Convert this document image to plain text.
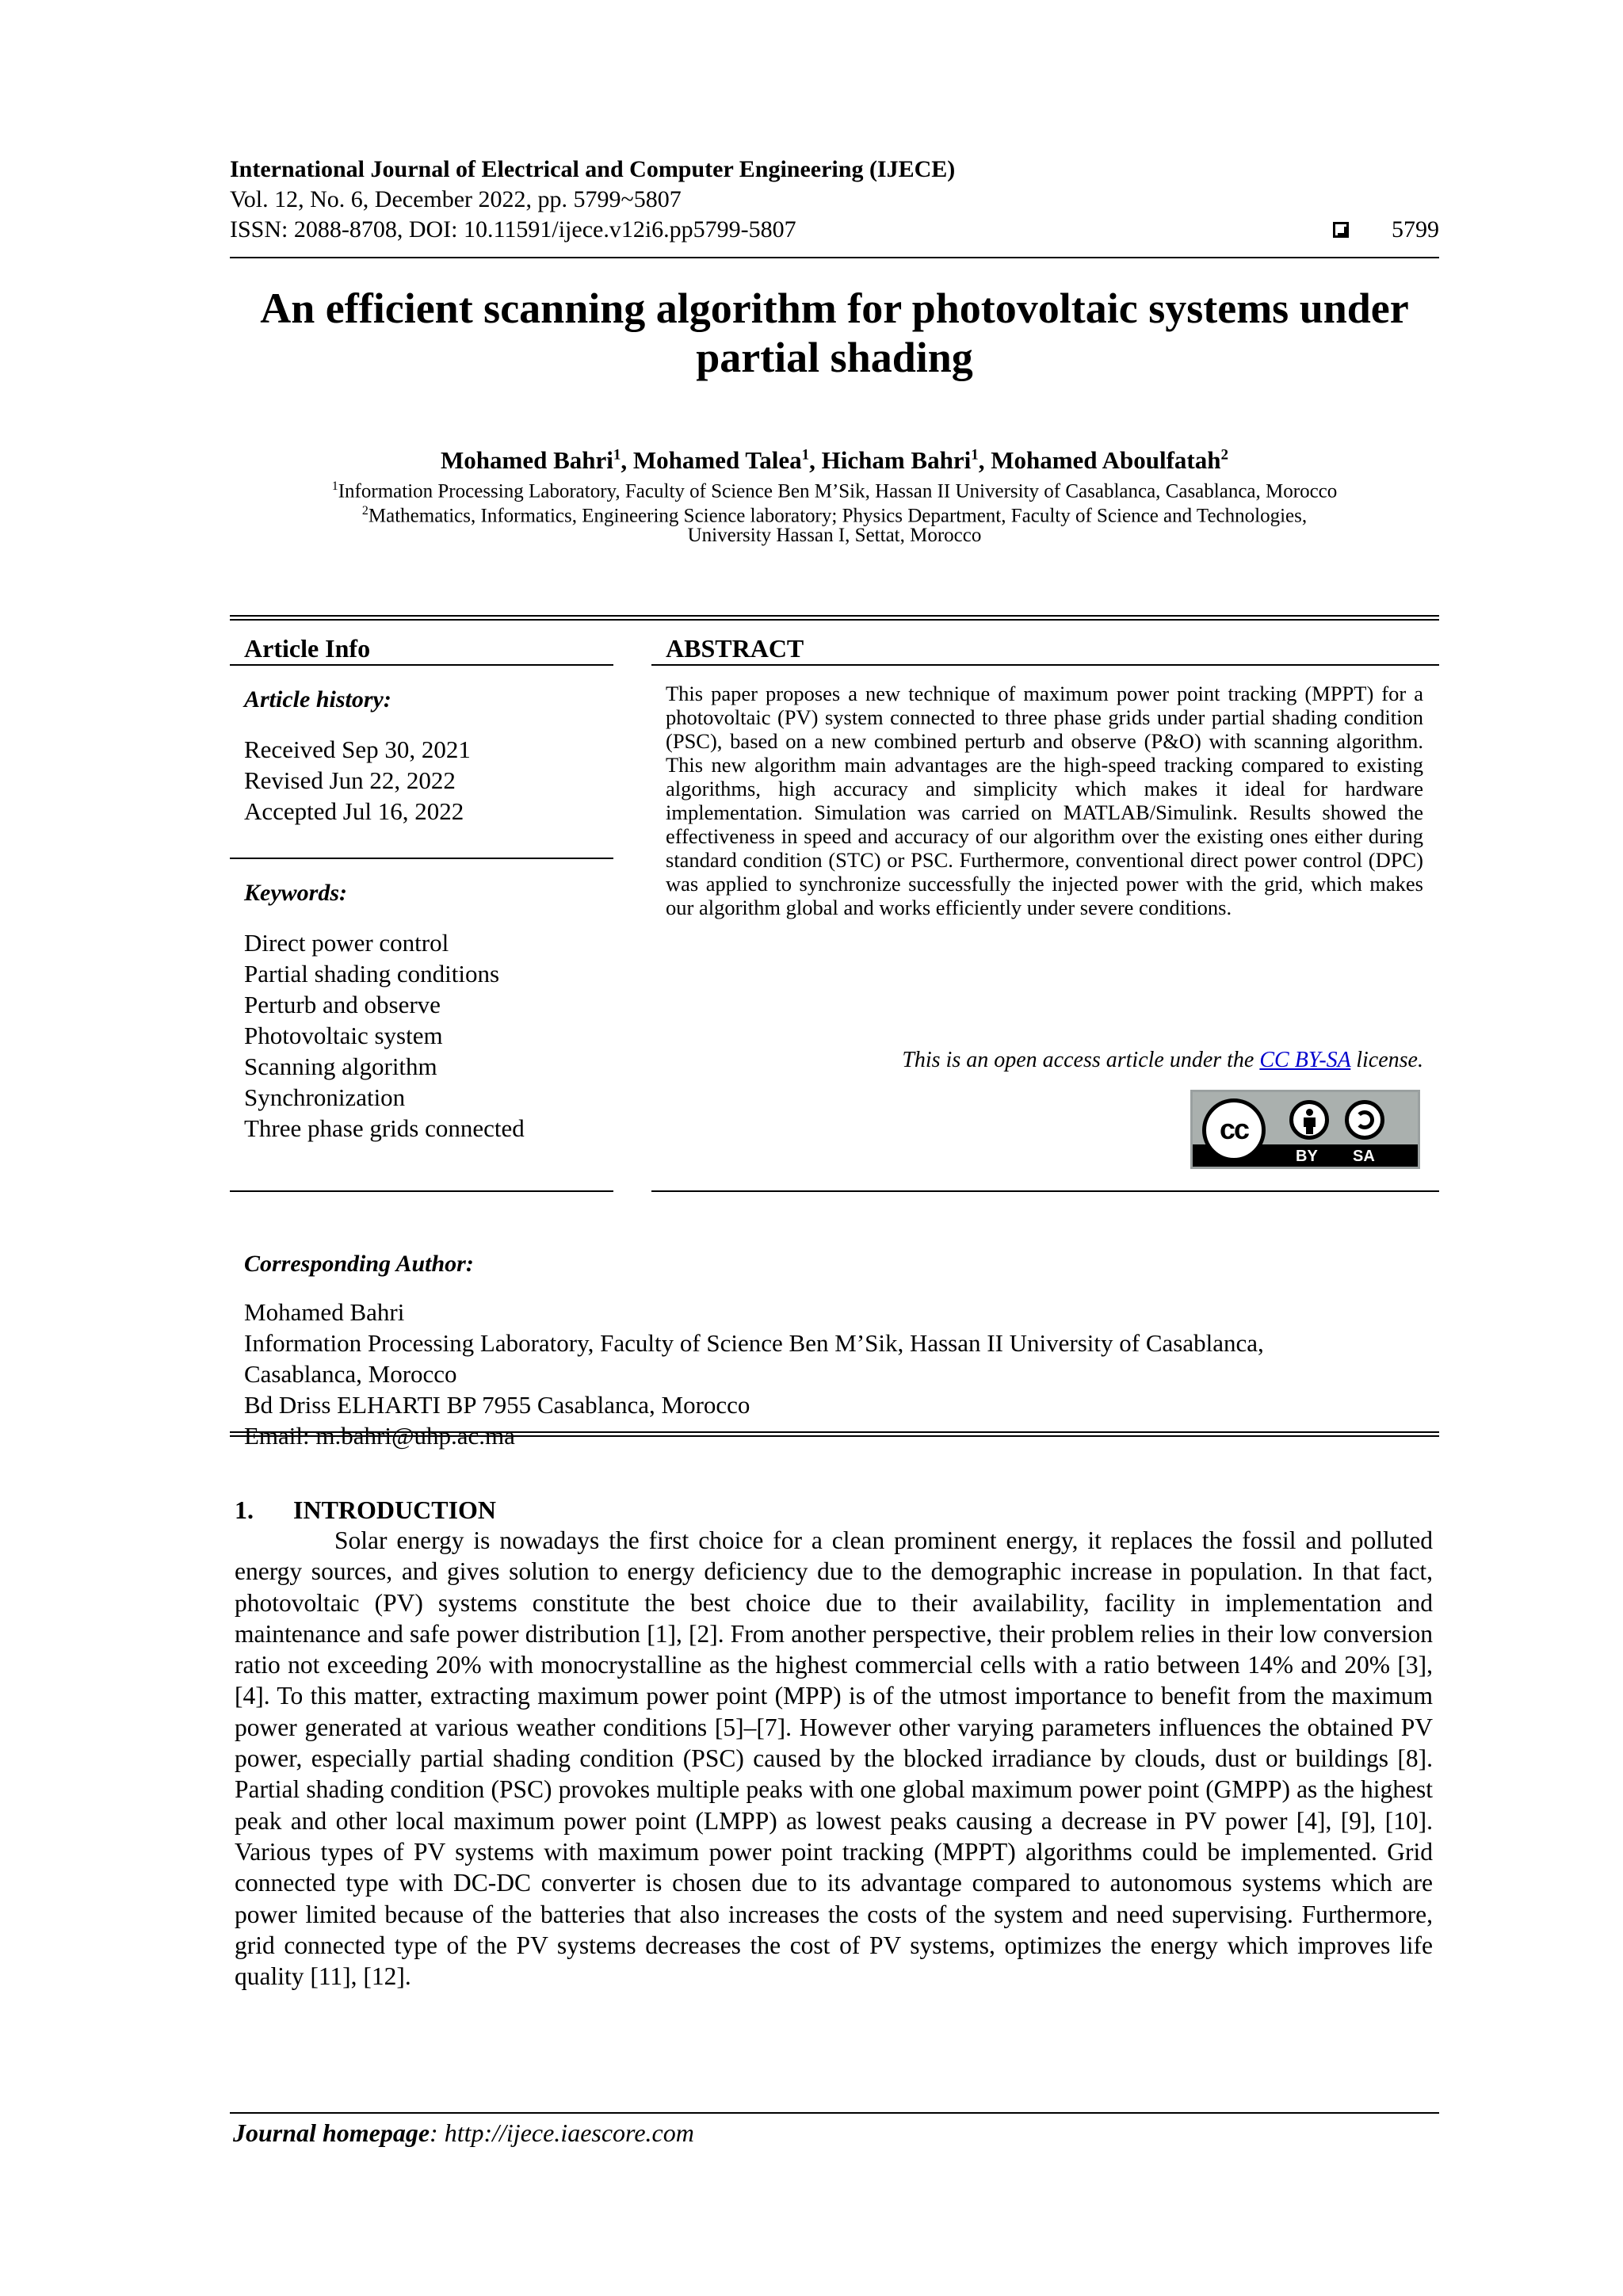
International Journal of Electrical and Computer Engineering (IJECE)
Vol. 12, No. 6, December 2022, pp. 5799~5807
ISSN: 2088-8708, DOI: 10.11591/ijece.v12i6.pp5799-5807	5799
An efficient scanning algorithm for photovoltaic systems under
partial shading
Mohamed Bahri$^1$, Mohamed Talea$^1$, Hicham Bahri$^1$, Mohamed Aboulfatah$^2$
$^1$Information Processing Laboratory, Faculty of Science Ben M’Sik, Hassan II University of Casablanca, Casablanca, Morocco
$^2$Mathematics, Informatics, Engineering Science laboratory; Physics Department, Faculty of Science and Technologies,
University Hassan I, Settat, Morocco
Article Info	ABSTRACT
Article history:
Received Sep 30, 2021
Revised Jun 22, 2022
Accepted Jul 16, 2022
Keywords:
Direct power control
Partial shading conditions
Perturb and observe
Photovoltaic system
Scanning algorithm
Synchronization
Three phase grids connected
This paper proposes a new technique of maximum power point tracking (MPPT) for a photovoltaic (PV) system connected to three phase grids under partial shading condition (PSC), based on a new combined perturb and observe (P&O) with scanning algorithm. This new algorithm main advantages are the high-speed tracking compared to existing algorithms, high accuracy and simplicity which makes it ideal for hardware implementation. Simulation was carried on MATLAB/Simulink. Results showed the effectiveness in speed and accuracy of our algorithm over the existing ones either during standard condition (STC) or PSC. Furthermore, conventional direct power control (DPC) was applied to synchronize successfully the injected power with the grid, which makes our algorithm global and works efficiently under severe conditions.
This is an open access article under the CC BY-SA license.
cc
BY SA
Corresponding Author:
Mohamed Bahri
Information Processing Laboratory, Faculty of Science Ben M’Sik, Hassan II University of Casablanca,
Casablanca, Morocco
Bd Driss ELHARTI BP 7955 Casablanca, Morocco
Email: m.bahri@uhp.ac.ma
1. INTRODUCTION
Solar energy is nowadays the first choice for a clean prominent energy, it replaces the fossil and polluted energy sources, and gives solution to energy deficiency due to the demographic increase in population. In that fact, photovoltaic (PV) systems constitute the best choice due to their availability, facility in implementation and maintenance and safe power distribution [1], [2]. From another perspective, their problem relies in their low conversion ratio not exceeding 20% with monocrystalline as the highest commercial cells with a ratio between 14% and 20% [3], [4]. To this matter, extracting maximum power point (MPP) is of the utmost importance to benefit from the maximum power generated at various weather conditions [5]–[7]. However other varying parameters influences the obtained PV power, especially partial shading condition (PSC) caused by the blocked irradiance by clouds, dust or buildings [8]. Partial shading condition (PSC) provokes multiple peaks with one global maximum power point (GMPP) as the highest peak and other local maximum power point (LMPP) as lowest peaks causing a decrease in PV power [4], [9], [10]. Various types of PV systems with maximum power point tracking (MPPT) algorithms could be implemented. Grid connected type with DC-DC converter is chosen due to its advantage compared to autonomous systems which are power limited because of the batteries that also increases the costs of the system and need supervising. Furthermore, grid connected type of the PV systems decreases the cost of PV systems, optimizes the energy which improves life quality [11], [12].
Journal homepage: http://ijece.iaescore.com
